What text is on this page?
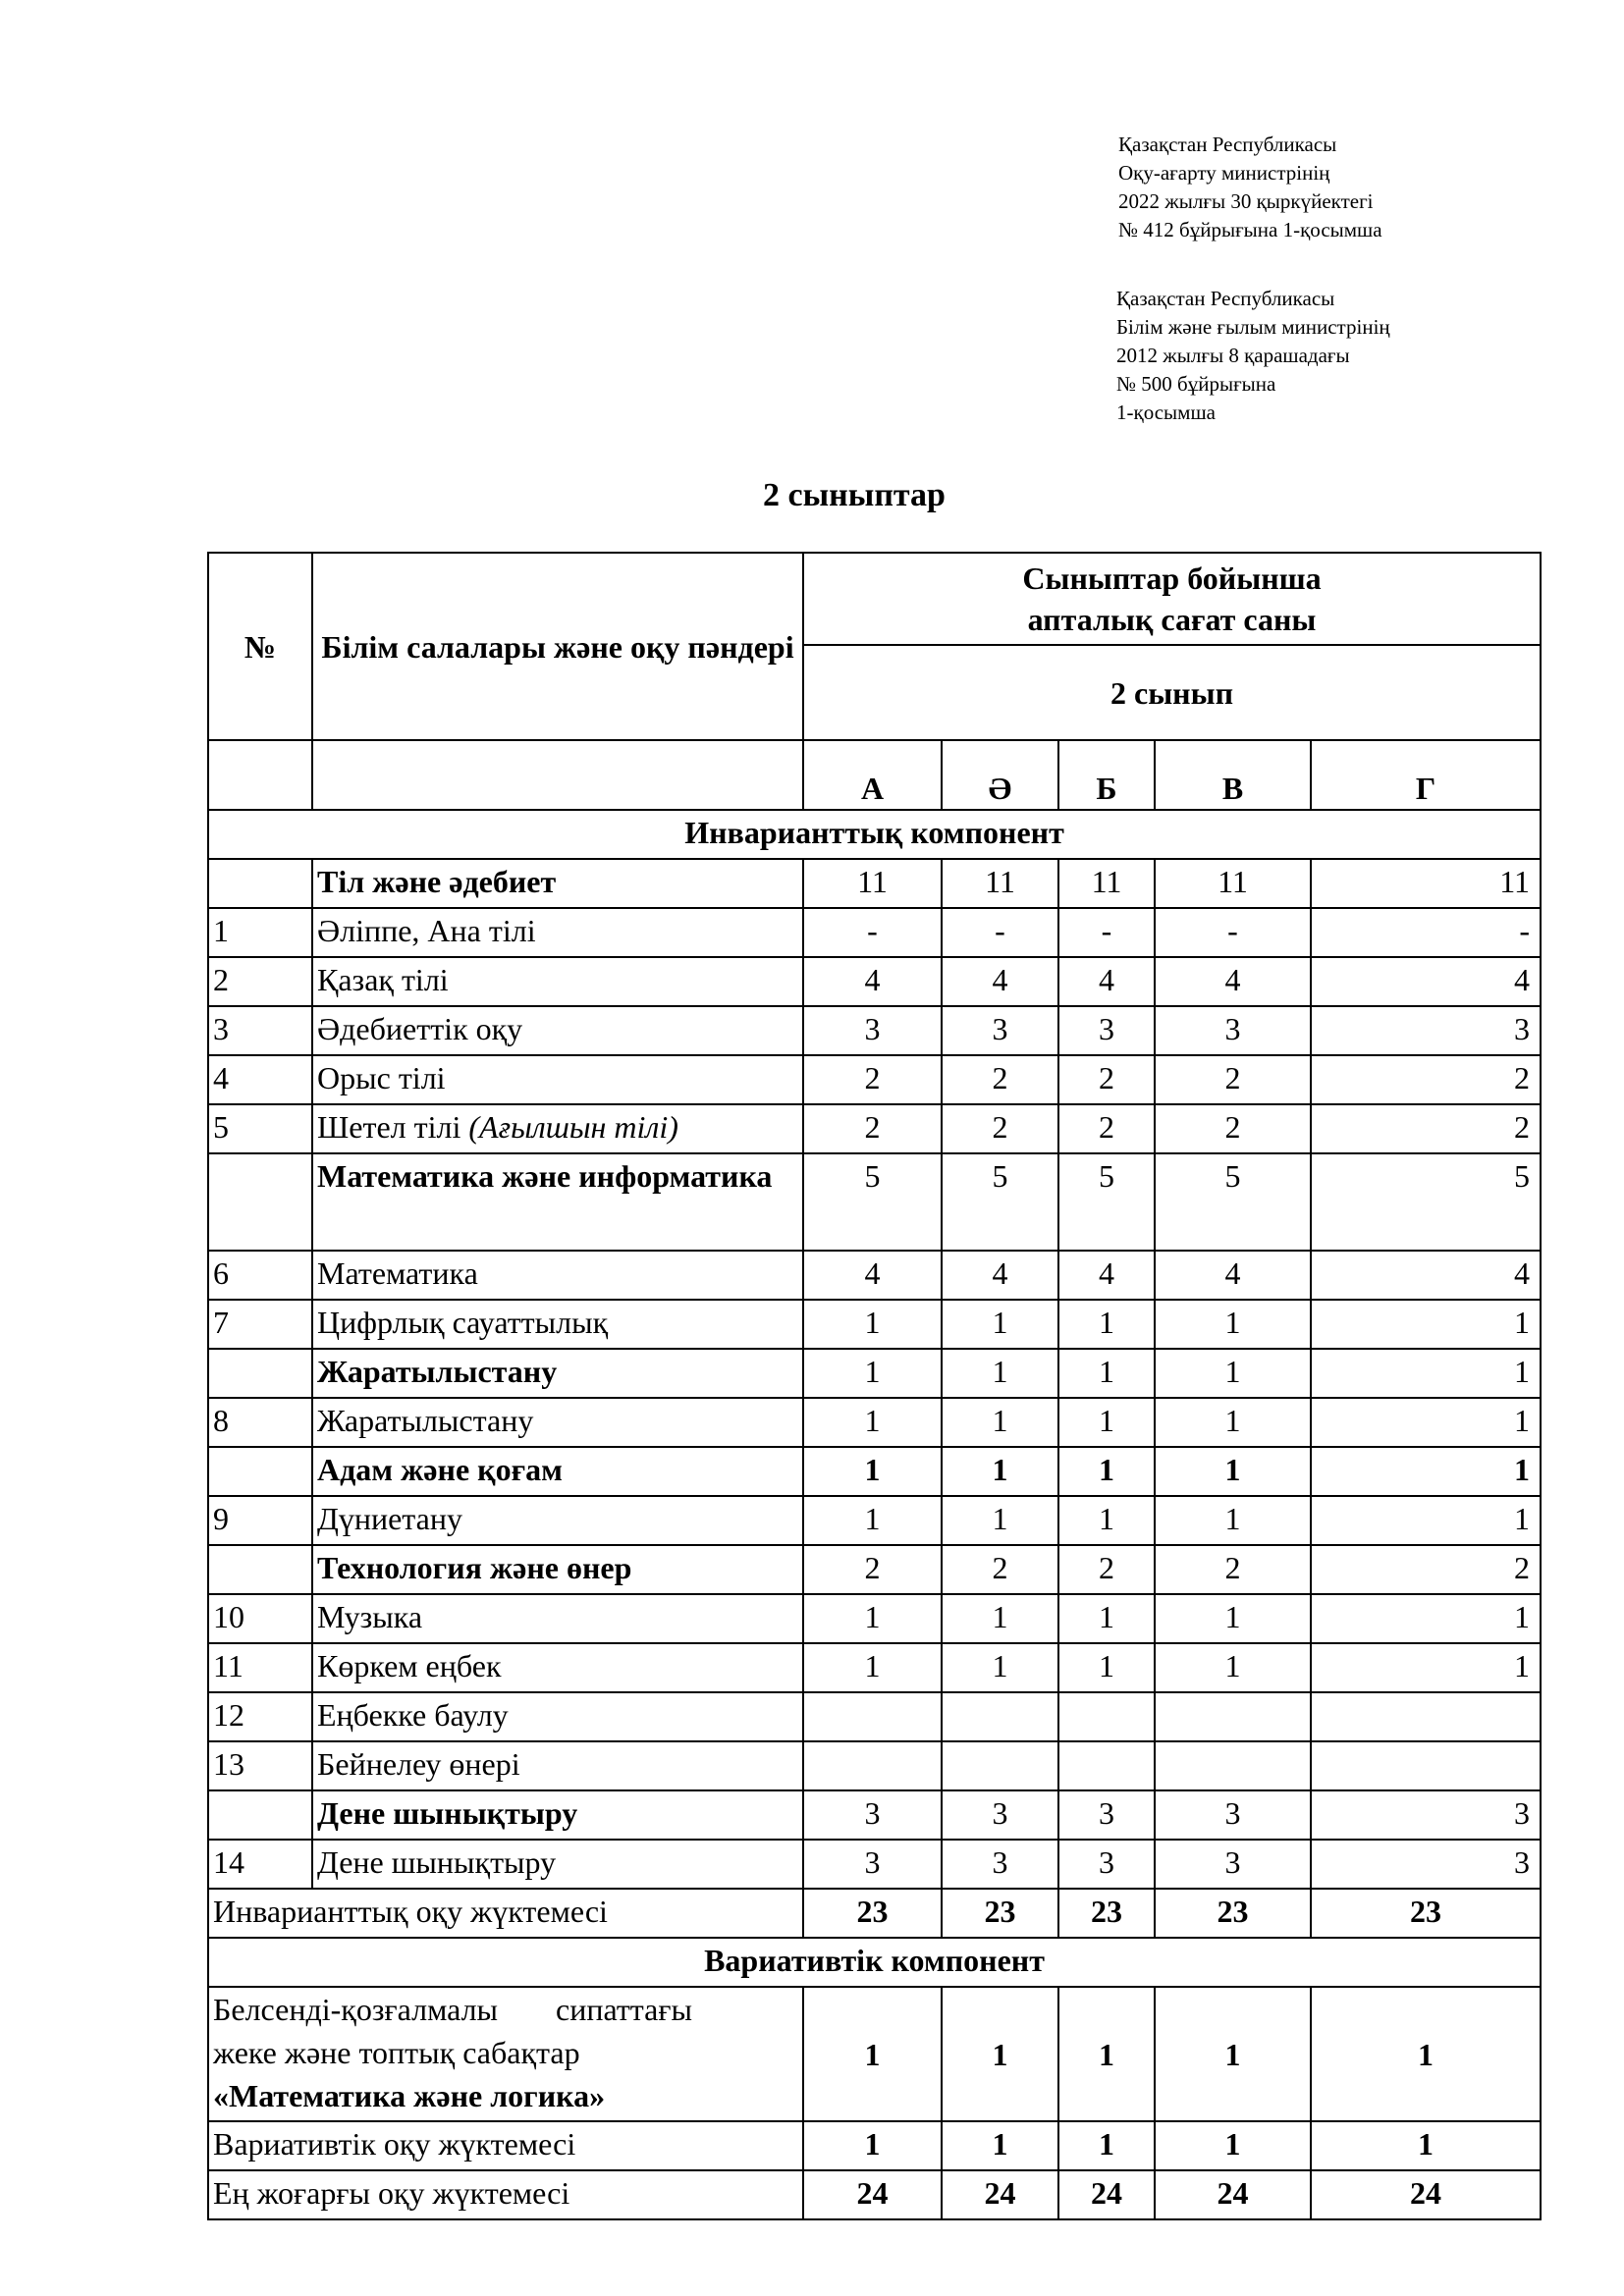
Қазақстан Республикасы
Оқу-ағарту министрінің
2022 жылғы 30 қыркүйектегі
№ 412 бұйрығына 1-қосымша
Қазақстан Республикасы
Білім және ғылым министрінің
2012 жылғы 8 қарашадағы
№ 500 бұйрығына
1-қосымша
2 сыныптар
№	Білім салалары және оқу пәндері	Сыныптар бойынша
апталық сағат саны				

		2 сынып				
		А	Ә	Б	В	Г
Инварианттық компонент						
	Тіл және әдебиет	11	11	11	11	11
1	Әліппе, Ана тілі	-	-	-	-	-
2	Қазақ тілі	4	4	4	4	4
3	Әдебиеттік оқу	3	3	3	3	3
4	Орыс тілі	2	2	2	2	2
5	Шетел тілі (Ағылшын тілі)	2	2	2	2	2
	Математика және информатика	5	5	5	5	5
6	Математика	4	4	4	4	4
7	Цифрлық сауаттылық	1	1	1	1	1
	Жаратылыстану	1	1	1	1	1
8	Жаратылыстану	1	1	1	1	1
	Адам және қоғам	1	1	1	1	1
9	Дүниетану	1	1	1	1	1
	Технология және өнер	2	2	2	2	2
10	Музыка	1	1	1	1	1
11	Көркем еңбек	1	1	1	1	1
12	Еңбекке баулу					
13	Бейнелеу өнері					
	Дене шынықтыру	3	3	3	3	3
14	Дене шынықтыру	3	3	3	3	3
Инварианттық оқу жүктемесі		23	23	23	23	23
Вариативтік компонент						

Белсенді-қозғалмалы сипаттағы жеке және топтық сабақтар
«Математика және логика»		1	1	1	1	1
Вариативтік оқу жүктемесі		1	1	1	1	1
Ең жоғарғы оқу жүктемесі		24	24	24	24	24
